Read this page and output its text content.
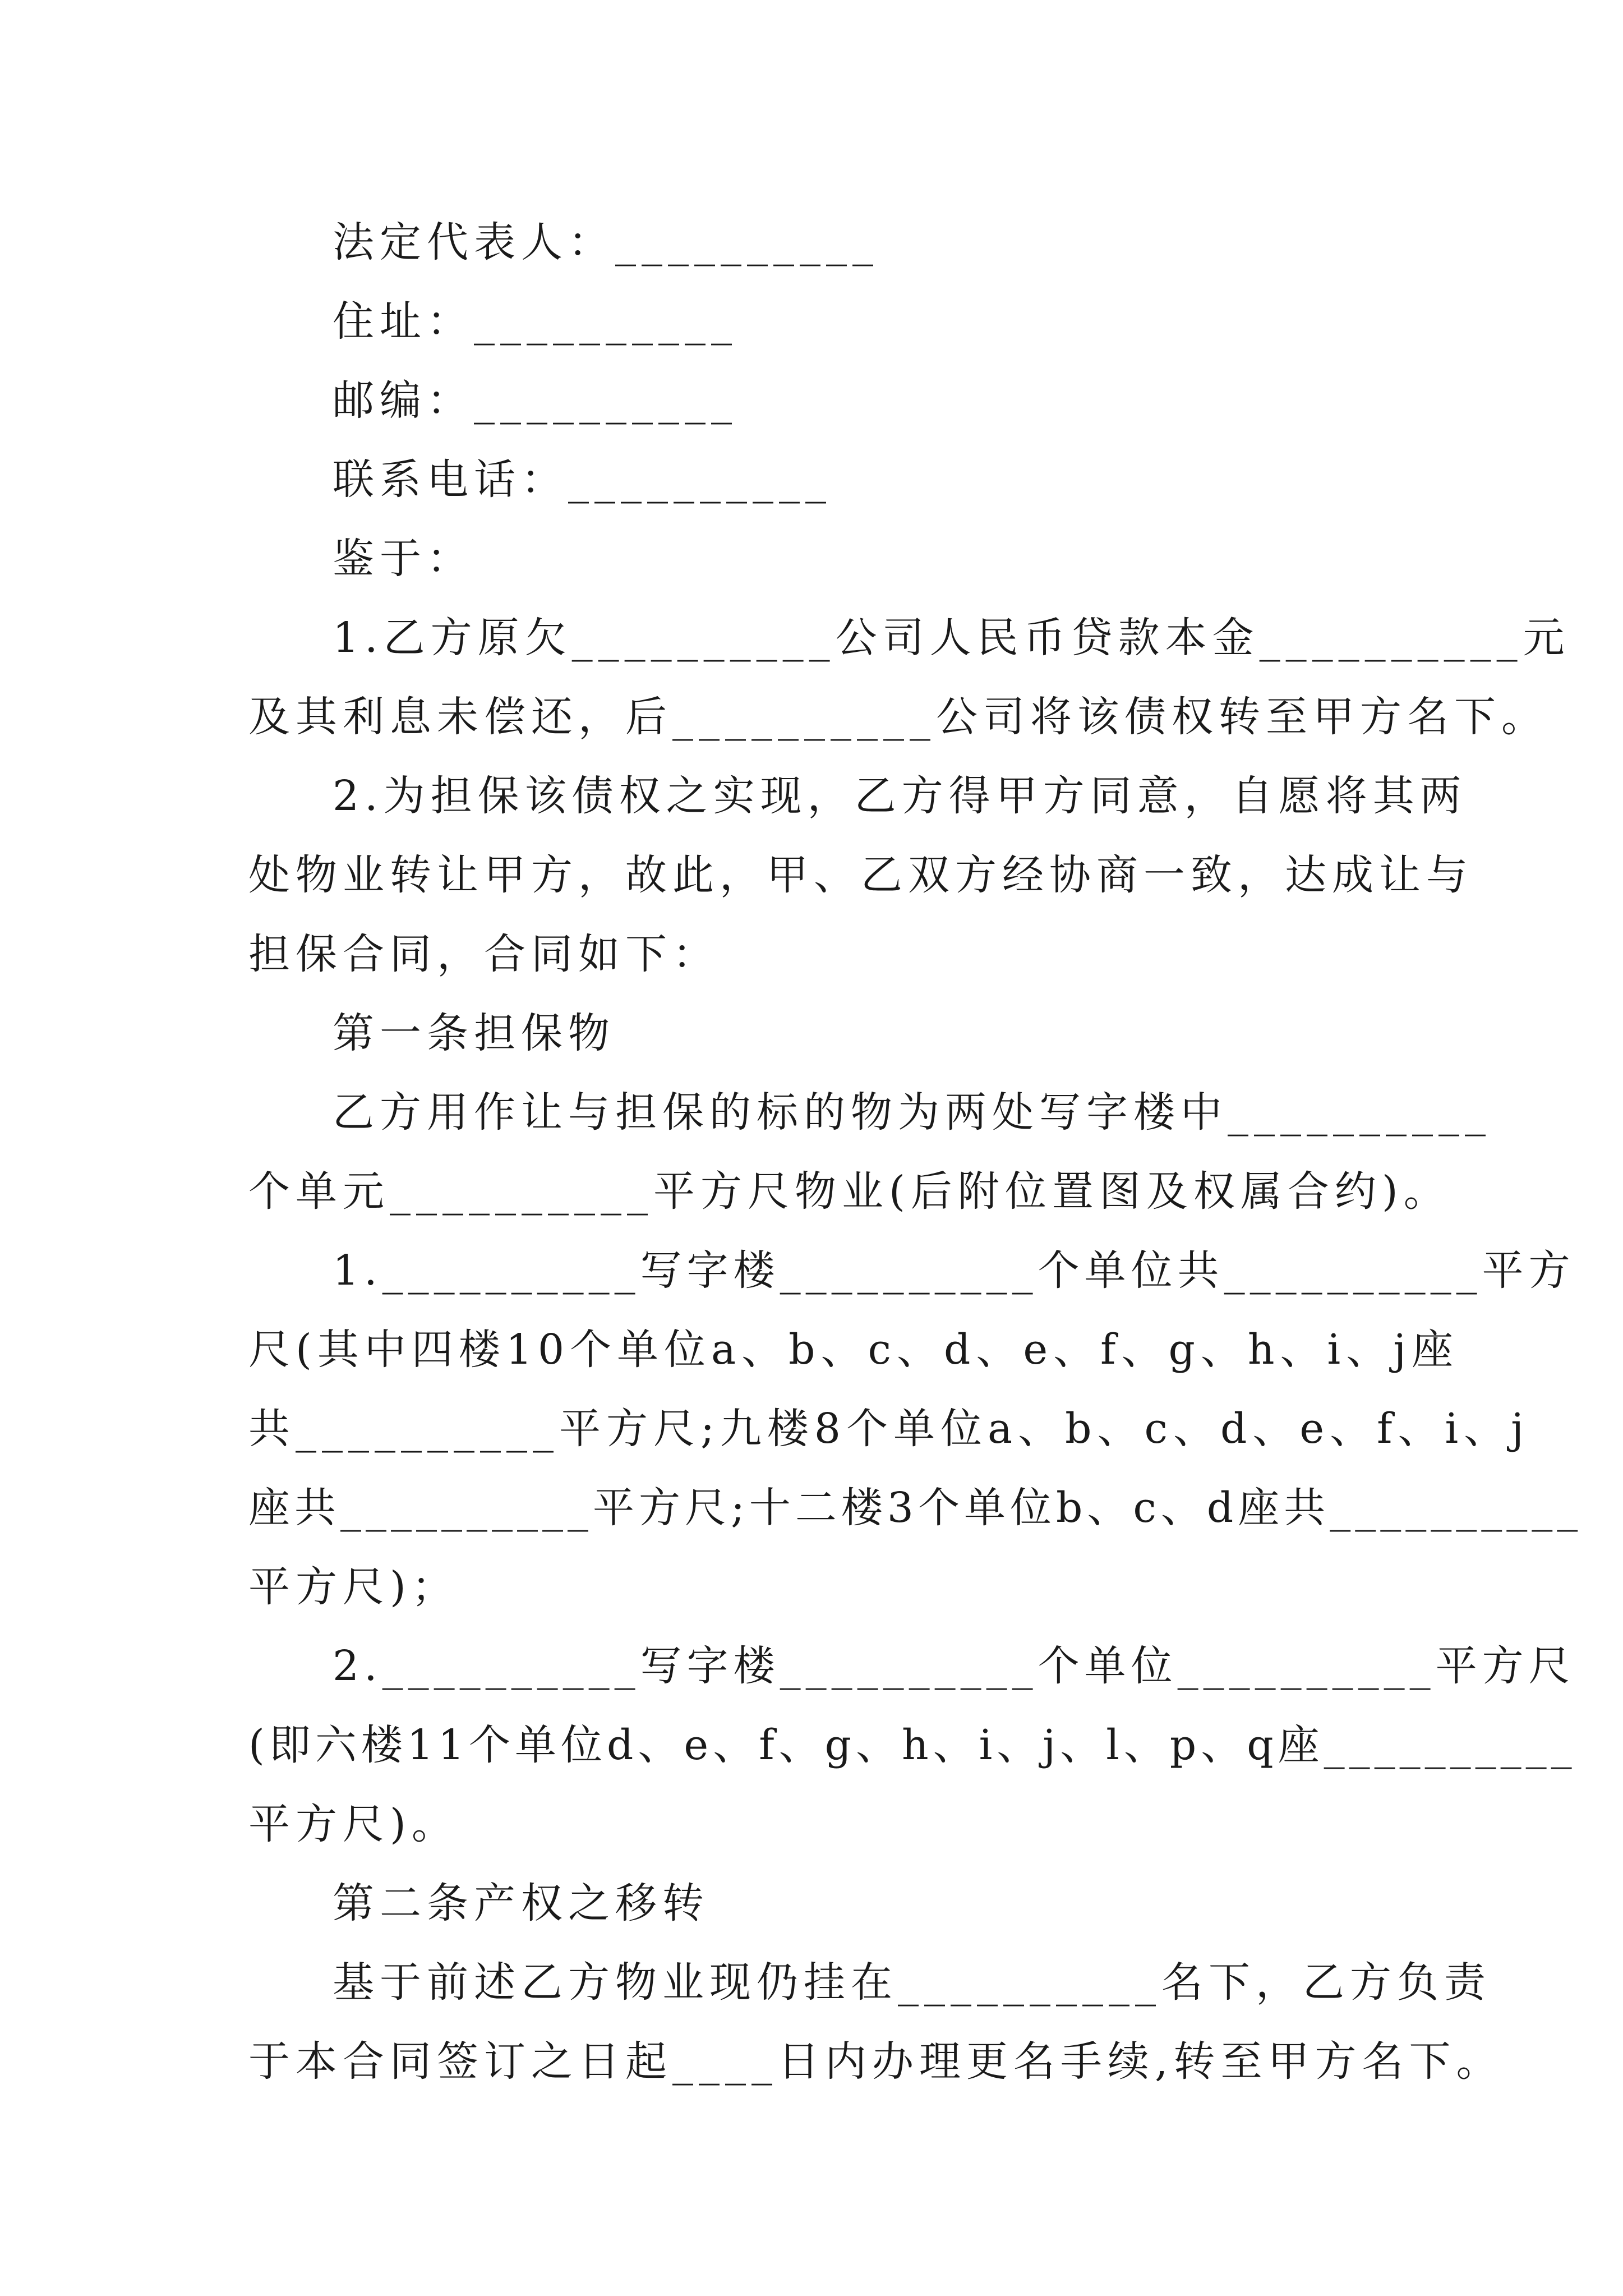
法定代表人：__________
住址：__________
邮编：__________
联系电话：__________
鉴于：
1.乙方原欠__________公司人民币贷款本金__________元
及其利息未偿还，后__________公司将该债权转至甲方名下。
2.为担保该债权之实现，乙方得甲方同意，自愿将其两
处物业转让甲方，故此，甲、乙双方经协商一致，达成让与
担保合同，合同如下：
第一条担保物
乙方用作让与担保的标的物为两处写字楼中__________
个单元__________平方尺物业(后附位置图及权属合约)。
1.__________写字楼__________个单位共__________平方
尺(其中四楼10个单位a、b、c、d、e、f、g、h、i、j座
共__________平方尺;九楼8个单位a、b、c、d、e、f、i、j
座共__________平方尺;十二楼3个单位b、c、d座共__________
平方尺)；
2.__________写字楼__________个单位__________平方尺
(即六楼11个单位d、e、f、g、h、i、j、l、p、q座__________
平方尺)。
第二条产权之移转
基于前述乙方物业现仍挂在__________名下，乙方负责
于本合同签订之日起____日内办理更名手续,转至甲方名下。
